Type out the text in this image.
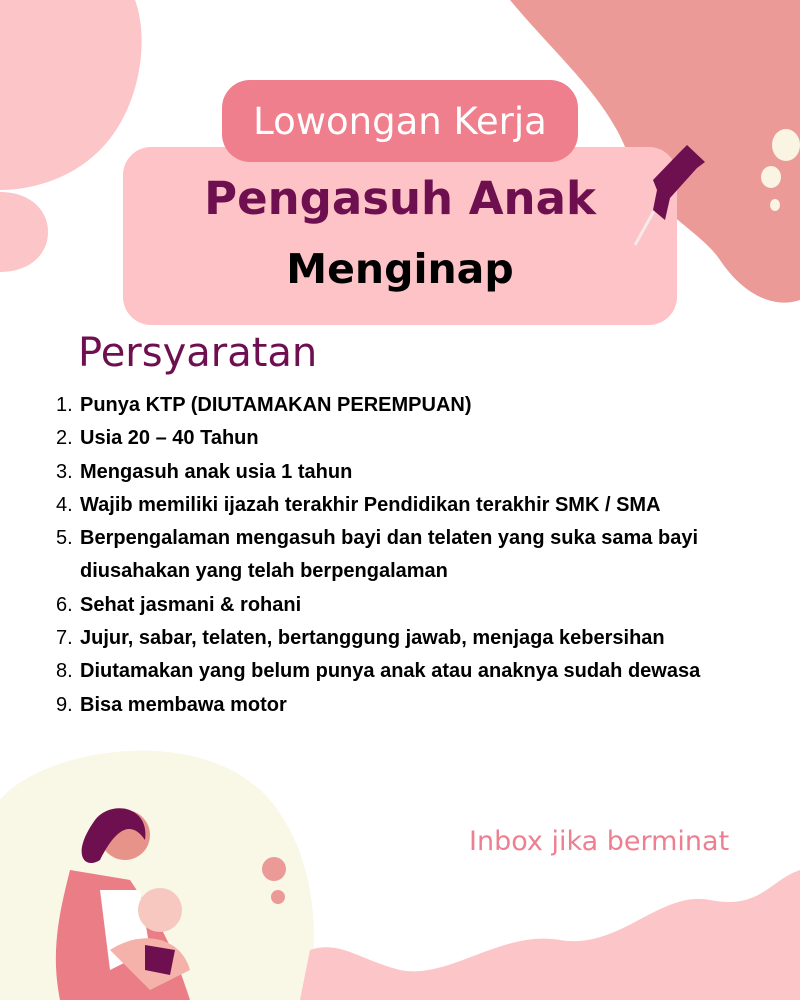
Lowongan Kerja
Pengasuh Anak
Menginap
Persyaratan
1. Punya KTP (DIUTAMAKAN PEREMPUAN)
2. Usia 20 – 40 Tahun
3. Mengasuh anak usia 1 tahun
4. Wajib memiliki ijazah terakhir Pendidikan terakhir SMK / SMA
5. Berpengalaman mengasuh bayi dan telaten yang suka sama bayi diusahakan yang telah berpengalaman
6. Sehat jasmani & rohani
7. Jujur, sabar, telaten, bertanggung jawab, menjaga kebersihan
8. Diutamakan yang belum punya anak atau anaknya sudah dewasa
9. Bisa membawa motor
Inbox jika berminat
